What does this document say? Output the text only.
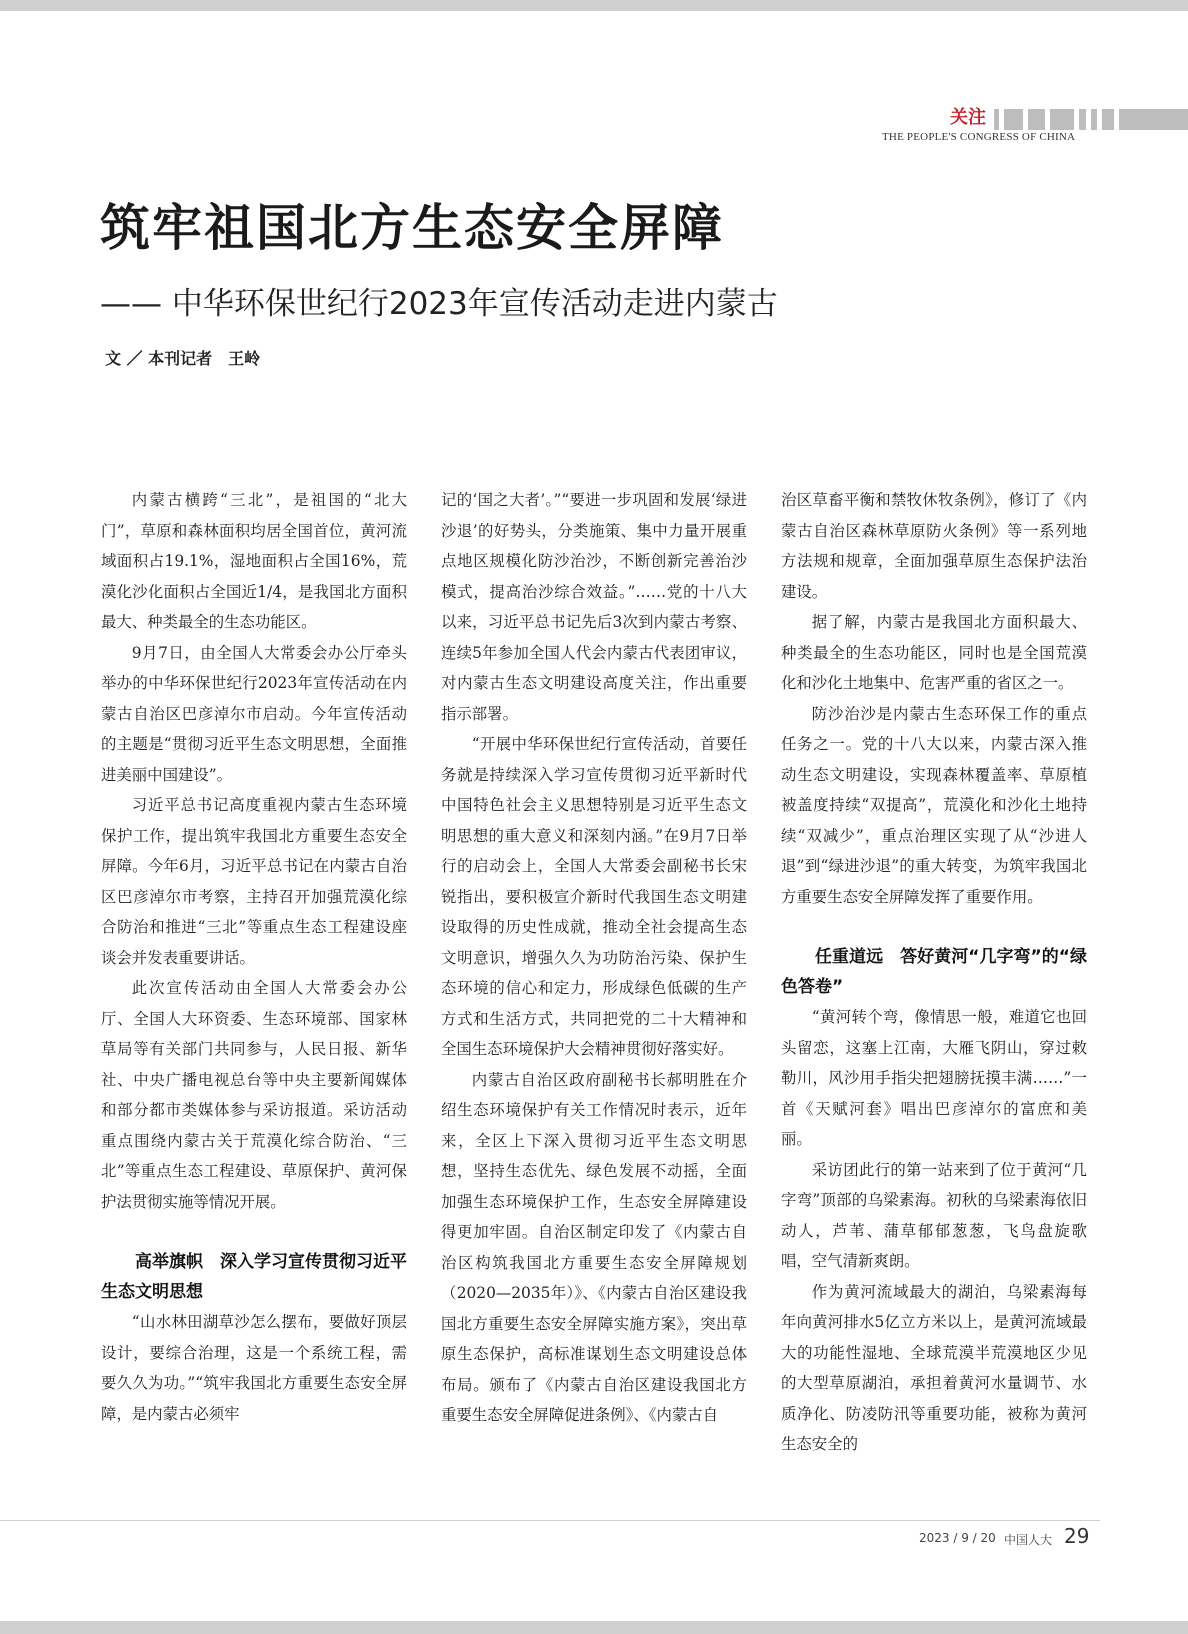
关注
THE PEOPLE'S CONGRESS OF CHINA
筑牢祖国北方生态安全屏障
—— 中华环保世纪行2023年宣传活动走进内蒙古
文 ／ 本刊记者　王岭

内蒙古横跨“三北”，是祖国的“北大门”，草原和森林面积均居全国首位，黄河流域面积占19.1%，湿地面积占全国16%，荒漠化沙化面积占全国近1/4，是我国北方面积最大、种类最全的生态功能区。

9月7日，由全国人大常委会办公厅牵头举办的中华环保世纪行2023年宣传活动在内蒙古自治区巴彦淖尔市启动。今年宣传活动的主题是“贯彻习近平生态文明思想，全面推进美丽中国建设”。

习近平总书记高度重视内蒙古生态环境保护工作，提出筑牢我国北方重要生态安全屏障。今年6月，习近平总书记在内蒙古自治区巴彦淖尔市考察，主持召开加强荒漠化综合防治和推进“三北”等重点生态工程建设座谈会并发表重要讲话。

此次宣传活动由全国人大常委会办公厅、全国人大环资委、生态环境部、国家林草局等有关部门共同参与，人民日报、新华社、中央广播电视总台等中央主要新闻媒体和部分都市类媒体参与采访报道。采访活动重点围绕内蒙古关于荒漠化综合防治、“三北”等重点生态工程建设、草原保护、黄河保护法贯彻实施等情况开展。

高举旗帜　深入学习宣传贯彻习近平生态文明思想

“山水林田湖草沙怎么摆布，要做好顶层设计，要综合治理，这是一个系统工程，需要久久为功。”“筑牢我国北方重要生态安全屏障，是内蒙古必须牢

记的‘国之大者’。”“要进一步巩固和发展‘绿进沙退’的好势头，分类施策、集中力量开展重点地区规模化防沙治沙，不断创新完善治沙模式，提高治沙综合效益。”……党的十八大以来，习近平总书记先后3次到内蒙古考察、连续5年参加全国人代会内蒙古代表团审议，对内蒙古生态文明建设高度关注，作出重要指示部署。

“开展中华环保世纪行宣传活动，首要任务就是持续深入学习宣传贯彻习近平新时代中国特色社会主义思想特别是习近平生态文明思想的重大意义和深刻内涵。”在9月7日举行的启动会上，全国人大常委会副秘书长宋锐指出，要积极宣介新时代我国生态文明建设取得的历史性成就，推动全社会提高生态文明意识，增强久久为功防治污染、保护生态环境的信心和定力，形成绿色低碳的生产方式和生活方式，共同把党的二十大精神和全国生态环境保护大会精神贯彻好落实好。

内蒙古自治区政府副秘书长郝明胜在介绍生态环境保护有关工作情况时表示，近年来，全区上下深入贯彻习近平生态文明思想，坚持生态优先、绿色发展不动摇，全面加强生态环境保护工作，生态安全屏障建设得更加牢固。自治区制定印发了《内蒙古自治区构筑我国北方重要生态安全屏障规划（2020—2035年）》、《内蒙古自治区建设我国北方重要生态安全屏障实施方案》，突出草原生态保护，高标准谋划生态文明建设总体布局。颁布了《内蒙古自治区建设我国北方重要生态安全屏障促进条例》、《内蒙古自

治区草畜平衡和禁牧休牧条例》，修订了《内蒙古自治区森林草原防火条例》等一系列地方法规和规章，全面加强草原生态保护法治建设。

据了解，内蒙古是我国北方面积最大、种类最全的生态功能区，同时也是全国荒漠化和沙化土地集中、危害严重的省区之一。

防沙治沙是内蒙古生态环保工作的重点任务之一。党的十八大以来，内蒙古深入推动生态文明建设，实现森林覆盖率、草原植被盖度持续“双提高”，荒漠化和沙化土地持续“双减少”，重点治理区实现了从“沙进人退”到“绿进沙退”的重大转变，为筑牢我国北方重要生态安全屏障发挥了重要作用。

任重道远　答好黄河“几字弯”的“绿色答卷”

“黄河转个弯，像情思一般，难道它也回头留恋，这塞上江南，大雁飞阴山，穿过敕勒川，风沙用手指尖把翅膀抚摸丰满……”一首《天赋河套》唱出巴彦淖尔的富庶和美丽。

采访团此行的第一站来到了位于黄河“几字弯”顶部的乌梁素海。初秋的乌梁素海依旧动人，芦苇、蒲草郁郁葱葱，飞鸟盘旋歌唱，空气清新爽朗。

作为黄河流域最大的湖泊，乌梁素海每年向黄河排水5亿立方米以上，是黄河流域最大的功能性湿地、全球荒漠半荒漠地区少见的大型草原湖泊，承担着黄河水量调节、水质净化、防凌防汛等重要功能，被称为黄河生态安全的

2023 / 9 / 20 中国人大 29
